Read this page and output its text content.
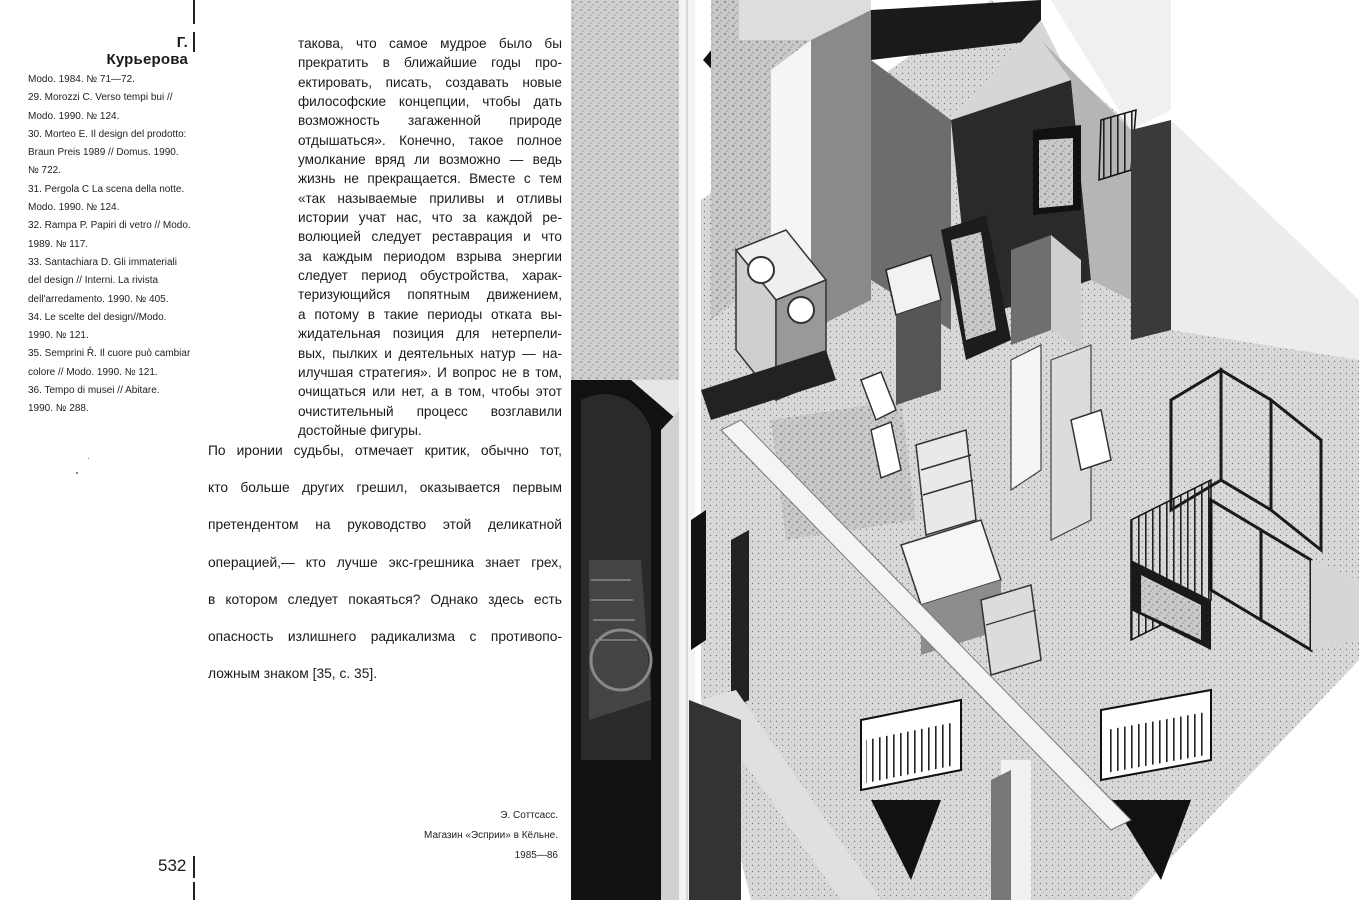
Г. Курьерова
Modo. 1984. № 71—72.
29. Morozzi C. Verso tempi bui //
Modo. 1990. № 124.
30. Morteo E. Il design del prodotto:
Braun Preis 1989 // Domus. 1990.
№ 722.
31. Pergola C La scena della notte.
Modo. 1990. № 124.
32. Rampa P. Papiri di vetro // Modo.
1989. № 117.
33. Santachiara D. Gli immateriali
del design // Interni. La rivista
dell'arredamento. 1990. № 405.
34. Le scelte del design//Modo.
1990. № 121.
35. Semprini R̊. Il cuore può cambiar
colore // Modo. 1990. № 121.
36. Tempo di musei // Abitare.
1990. № 288.
такова, что самое мудрое было бы
прекратить в ближайшие годы про-
ектировать, писать, создавать новые
философские концепции, чтобы дать
возможность загаженной природе
отдышаться». Конечно, такое полное
умолкание вряд ли возможно — ведь
жизнь не прекращается. Вместе с тем
«так называемые приливы и отливы
истории учат нас, что за каждой ре-
волюцией следует реставрация и что
за каждым периодом взрыва энергии
следует период обустройства, харак-
теризующийся попятным движением,
а потому в такие периоды отката вы-
жидательная позиция для нетерпели-
вых, пылких и деятельных натур — на-
илучшая стратегия». И вопрос не в том,
очищаться или нет, а в том, чтобы этот
очистительный процесс возглавили
достойные фигуры.
По иронии судьбы, отмечает критик, обычно тот,
кто больше других грешил, оказывается первым
претендентом на руководство этой деликатной
операцией,— кто лучше экс-грешника знает грех,
в котором следует покаяться? Однако здесь есть
опасность излишнего радикализма с противопо-
ложным знаком [35, с. 35].
Э. Соттсасс.
Магазин «Эсприи» в Кёльне.
1985—86
532
